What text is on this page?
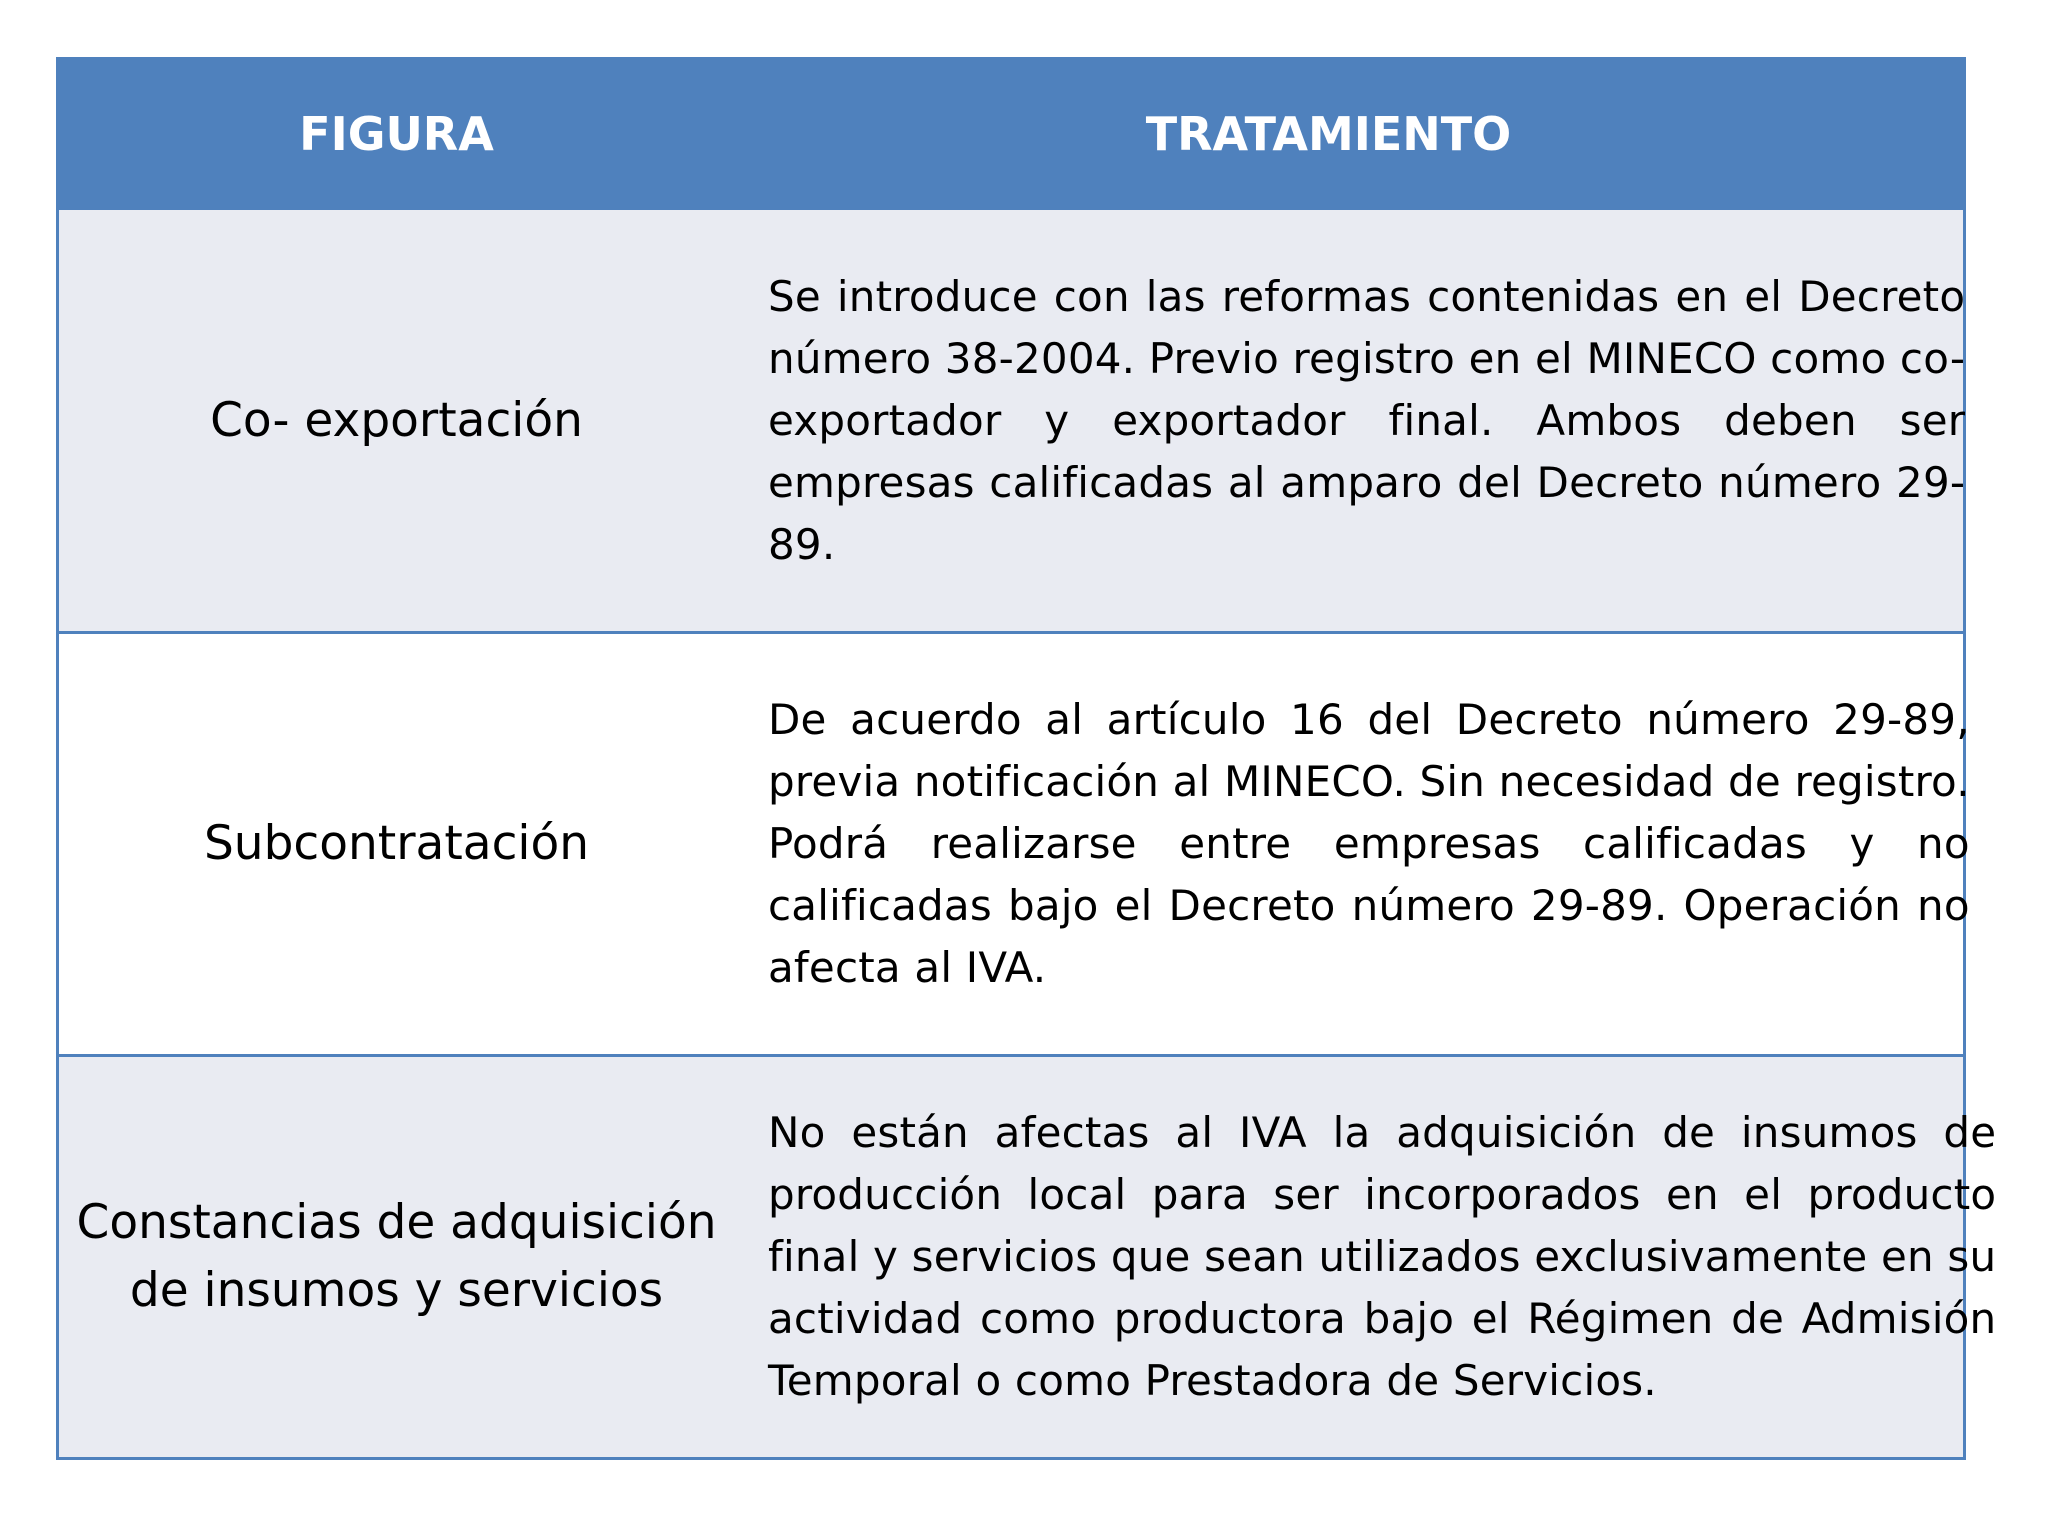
FIGURA	TRATAMIENTO
Co- exportación
Se introduce con las reformas contenidas en el Decreto
número 38-2004. Previo registro en el MINECO como co-
exportador y exportador final. Ambos deben ser
empresas calificadas al amparo del Decreto número 29-
89.
Subcontratación
De acuerdo al artículo 16 del Decreto número 29-89,
previa notificación al MINECO. Sin necesidad de registro.
Podrá realizarse entre empresas calificadas y no
calificadas bajo el Decreto número 29-89. Operación no
afecta al IVA.
Constancias de adquisición
de insumos y servicios
No están afectas al IVA la adquisición de insumos de
producción local para ser incorporados en el producto
final y servicios que sean utilizados exclusivamente en su
actividad como productora bajo el Régimen de Admisión
Temporal o como Prestadora de Servicios.
